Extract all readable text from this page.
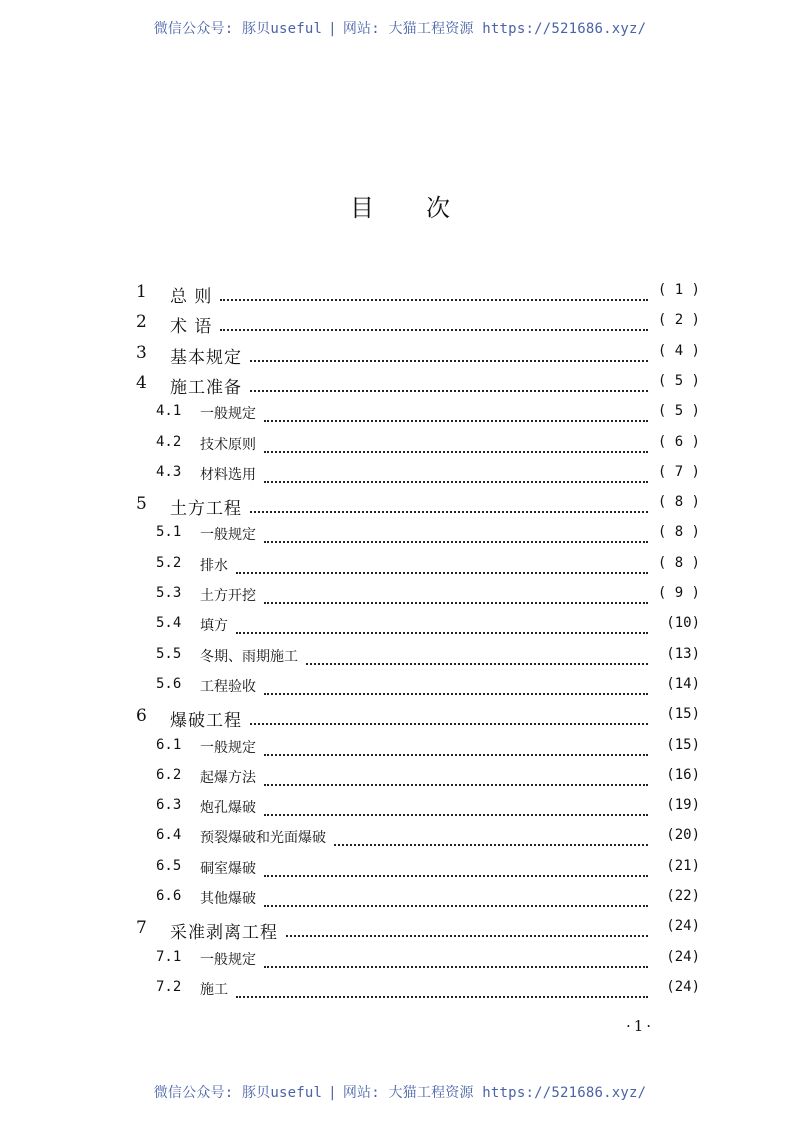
微信公众号: 豚贝useful | 网站: 大猫工程资源 https://521686.xyz/
目 次
1 总 则	( 1 )
2 术 语	( 2 )
3 基本规定	( 4 )
4 施工准备	( 5 )
4.1 一般规定	( 5 )
4.2 技术原则	( 6 )
4.3 材料选用	( 7 )
5 土方工程	( 8 )
5.1 一般规定	( 8 )
5.2 排水	( 8 )
5.3 土方开挖	( 9 )
5.4 填方	(10)
5.5 冬期、雨期施工	(13)
5.6 工程验收	(14)
6 爆破工程	(15)
6.1 一般规定	(15)
6.2 起爆方法	(16)
6.3 炮孔爆破	(19)
6.4 预裂爆破和光面爆破	(20)
6.5 硐室爆破	(21)
6.6 其他爆破	(22)
7 采准剥离工程	(24)
7.1 一般规定	(24)
7.2 施工	(24)
·1·
微信公众号: 豚贝useful | 网站: 大猫工程资源 https://521686.xyz/
